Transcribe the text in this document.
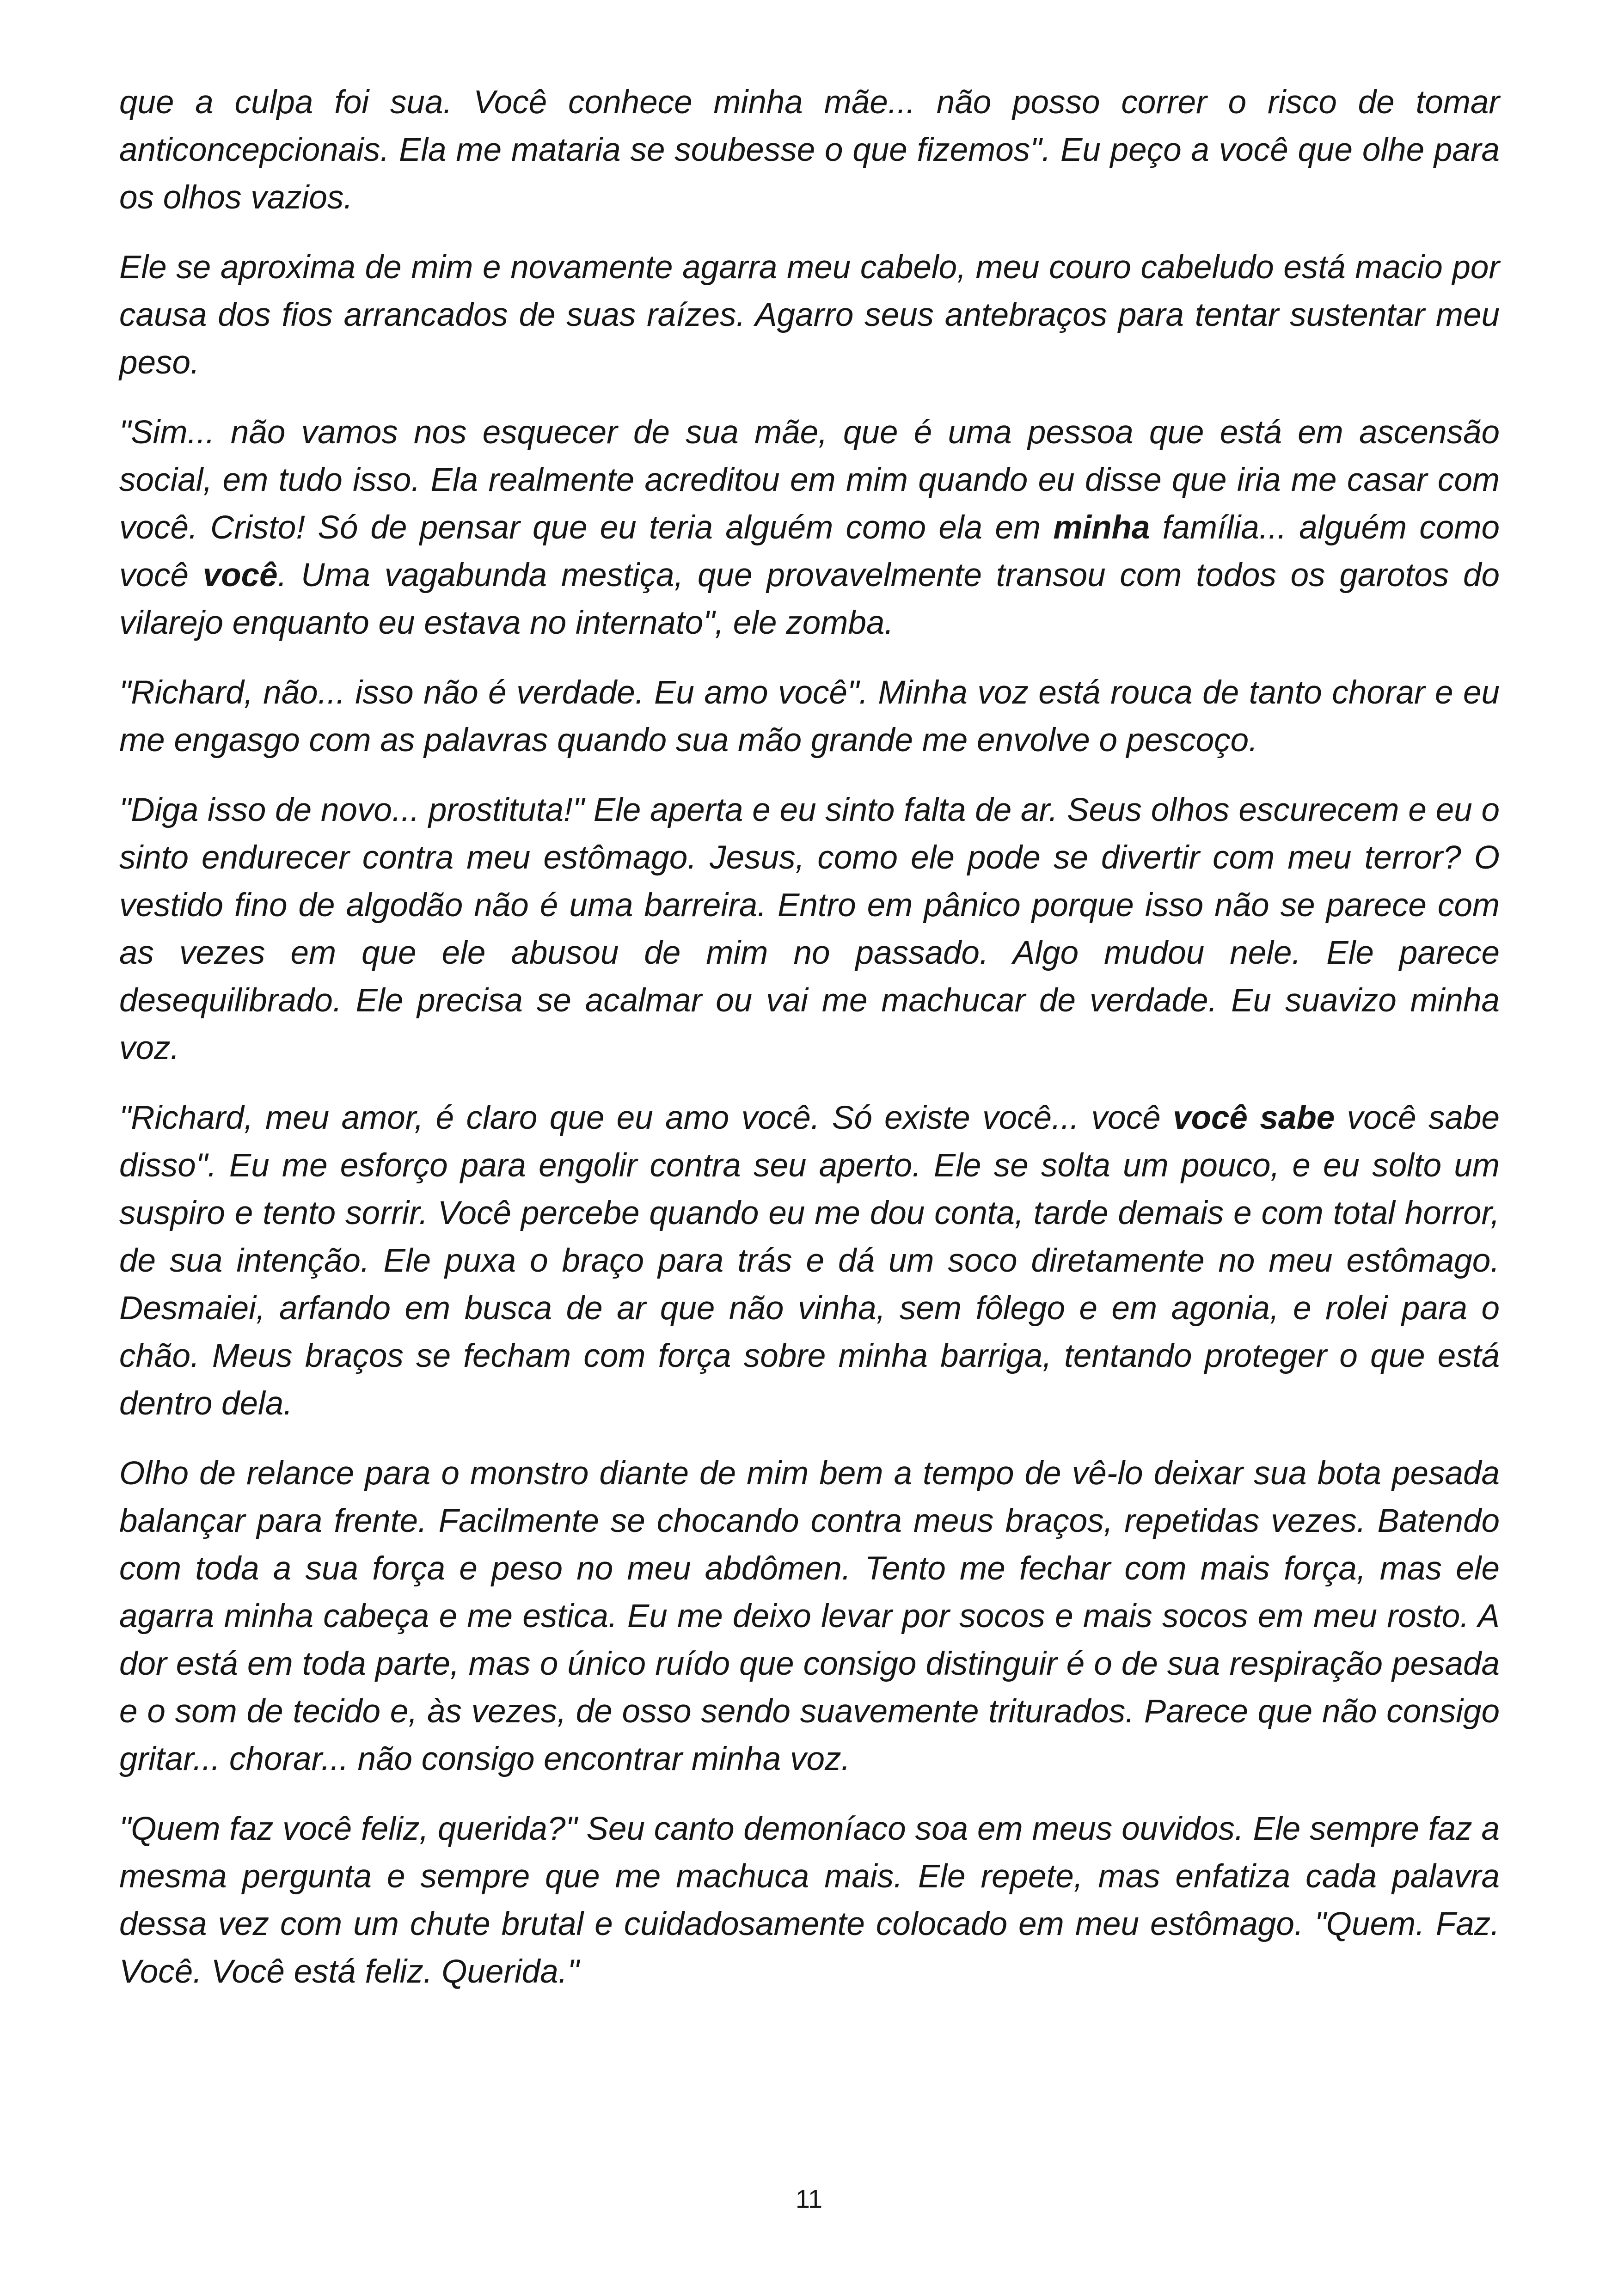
que a culpa foi sua. Você conhece minha mãe... não posso correr o risco de tomar anticoncepcionais. Ela me mataria se soubesse o que fizemos". Eu peço a você que olhe para os olhos vazios.

Ele se aproxima de mim e novamente agarra meu cabelo, meu couro cabeludo está macio por causa dos fios arrancados de suas raízes. Agarro seus antebraços para tentar sustentar meu peso.

"Sim... não vamos nos esquecer de sua mãe, que é uma pessoa que está em ascensão social, em tudo isso. Ela realmente acreditou em mim quando eu disse que iria me casar com você. Cristo! Só de pensar que eu teria alguém como ela em minha família... alguém como você você. Uma vagabunda mestiça, que provavelmente transou com todos os garotos do vilarejo enquanto eu estava no internato", ele zomba.

"Richard, não... isso não é verdade. Eu amo você". Minha voz está rouca de tanto chorar e eu me engasgo com as palavras quando sua mão grande me envolve o pescoço.

"Diga isso de novo... prostituta!" Ele aperta e eu sinto falta de ar. Seus olhos escurecem e eu o sinto endurecer contra meu estômago. Jesus, como ele pode se divertir com meu terror? O vestido fino de algodão não é uma barreira. Entro em pânico porque isso não se parece com as vezes em que ele abusou de mim no passado. Algo mudou nele. Ele parece desequilibrado. Ele precisa se acalmar ou vai me machucar de verdade. Eu suavizo minha voz.

"Richard, meu amor, é claro que eu amo você. Só existe você... você você sabe você sabe disso". Eu me esforço para engolir contra seu aperto. Ele se solta um pouco, e eu solto um suspiro e tento sorrir. Você percebe quando eu me dou conta, tarde demais e com total horror, de sua intenção. Ele puxa o braço para trás e dá um soco diretamente no meu estômago. Desmaiei, arfando em busca de ar que não vinha, sem fôlego e em agonia, e rolei para o chão. Meus braços se fecham com força sobre minha barriga, tentando proteger o que está dentro dela.

Olho de relance para o monstro diante de mim bem a tempo de vê-lo deixar sua bota pesada balançar para frente. Facilmente se chocando contra meus braços, repetidas vezes. Batendo com toda a sua força e peso no meu abdômen. Tento me fechar com mais força, mas ele agarra minha cabeça e me estica. Eu me deixo levar por socos e mais socos em meu rosto. A dor está em toda parte, mas o único ruído que consigo distinguir é o de sua respiração pesada e o som de tecido e, às vezes, de osso sendo suavemente triturados. Parece que não consigo gritar... chorar... não consigo encontrar minha voz.

"Quem faz você feliz, querida?" Seu canto demoníaco soa em meus ouvidos. Ele sempre faz a mesma pergunta e sempre que me machuca mais. Ele repete, mas enfatiza cada palavra dessa vez com um chute brutal e cuidadosamente colocado em meu estômago. "Quem. Faz. Você. Você está feliz. Querida."

11
